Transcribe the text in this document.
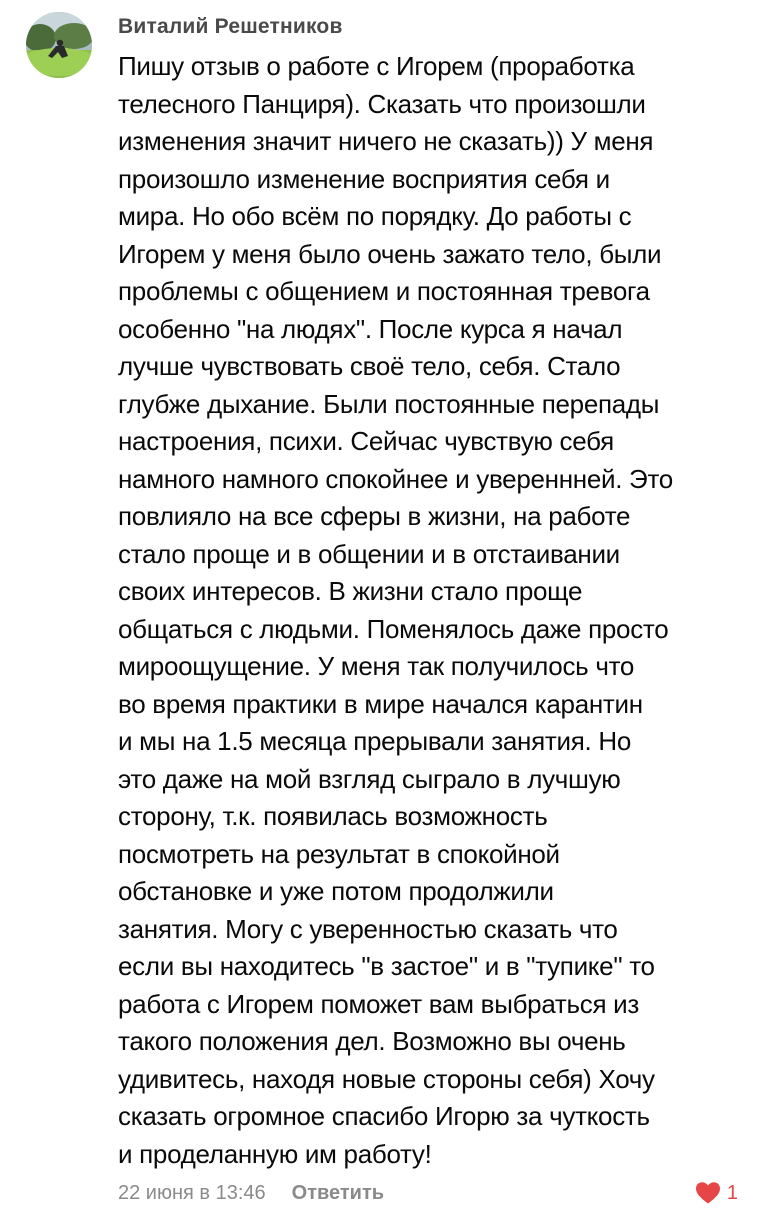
Виталий Решетников
Пишу отзыв о работе с Игорем (проработка
телесного Панциря). Сказать что произошли
изменения значит ничего не сказать)) У меня
произошло изменение восприятия себя и
мира. Но обо всём по порядку. До работы с
Игорем у меня было очень зажато тело, были
проблемы с общением и постоянная тревога
особенно "на людях". После курса я начал
лучше чувствовать своё тело, себя. Стало
глубже дыхание. Были постоянные перепады
настроения, психи. Сейчас чувствую себя
намного намного спокойнее и увереннней. Это
повлияло на все сферы в жизни, на работе
стало проще и в общении и в отстаивании
своих интересов. В жизни стало проще
общаться с людьми. Поменялось даже просто
мироощущение. У меня так получилось что
во время практики в мире начался карантин
и мы на 1.5 месяца прерывали занятия. Но
это даже на мой взгляд сыграло в лучшую
сторону, т.к. появилась возможность
посмотреть на результат в спокойной
обстановке и уже потом продолжили
занятия. Могу с уверенностью сказать что
если вы находитесь "в застое" и в "тупике" то
работа с Игорем поможет вам выбраться из
такого положения дел. Возможно вы очень
удивитесь, находя новые стороны себя) Хочу
сказать огромное спасибо Игорю за чуткость
и проделанную им работу!
22 июня в 13:46 Ответить	1
